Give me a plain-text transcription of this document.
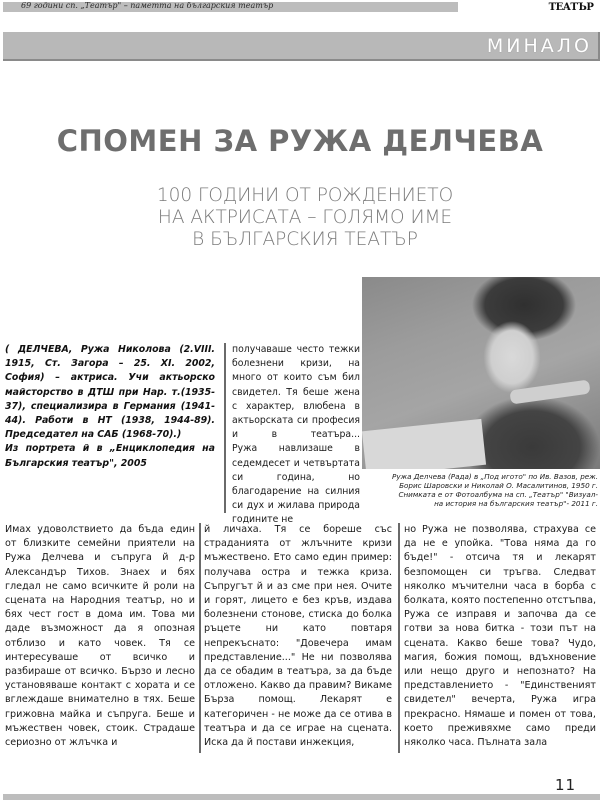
69 години сп. „Театър" – паметта на българския театър	ТЕАТЪР
МИНАЛО
СПОМЕН ЗА РУЖА ДЕЛЧЕВА
100 ГОДИНИ ОТ РОЖДЕНИЕТО
НА АКТРИСАТА – ГОЛЯМО ИМЕ
В БЪЛГАРСКИЯ ТЕАТЪР
Ружа Делчева (Рада) в „Под игото" по Ив. Вазов, реж.
Борис Шаровски и Николай О. Масалитинов, 1950 г.
Снимката е от Фотоалбума на сп. „Театър" "Визуал-
на история на българския театър"- 2011 г.

( ДЕЛЧЕВА, Ружа Николова (2.VIII. 1915, Ст. Загора – 25. XI. 2002, София) – актриса. Учи актьорско майсторство в ДТШ при Нар. т.(1935-37), специализира в Германия (1941-44). Работи в НТ (1938, 1944-89). Председател на САБ (1968-70).)

Из портрета й в „Енциклопедия на Българския театър", 2005

получаваше често тежки болезнени кризи, на много от които съм бил свидетел. Тя беше жена с характер, влюбена в актьорската си професия и в театъра...

Ружа навлизаше в седемдесет и четвъртата си година, но благодарение на силния си дух и жилава природа годините не

Имах удоволствието да бъда един от близките семейни приятели на Ружа Делчева и съпруга й д-р Александър Тихов. Знаех и бях гледал не само всичките й роли на сцената на Народния театър, но и бях чест гост в дома им. Това ми даде възможност да я опозная отблизо и като човек. Тя се интересуваше от всичко и разбираше от всичко. Бързо и лесно установяваше контакт с хората и се вглеждаше внимателно в тях. Беше грижовна майка и съпруга. Беше и мъжествен човек, стоик. Страдаше сериозно от жлъчка и

й личаха. Тя се бореше със страданията от жлъчните кризи мъжествено. Ето само един пример: получава остра и тежка криза. Съпругът й и аз сме при нея. Очите и горят, лицето е без кръв, издава болезнени стонове, стиска до болка ръцете ни като повтаря непрекъснато: "Довечера имам представление..." Не ни позволява да се обадим в театъра, за да бъде отложено. Какво да правим? Викаме Бърза помощ. Лекарят е категоричен - не може да се отива в театъра и да се играе на сцената. Иска да й постави инжекция,

но Ружа не позволява, страхува се да не е упойка. "Това няма да го бъде!" - отсича тя и лекарят безпомощен си тръгва. Следват няколко мъчителни часа в борба с болката, която постепенно отстъпва, Ружа се изправя и започва да се готви за нова битка - този път на сцената. Какво беше това? Чудо, магия, божия помощ, вдъхновение или нещо друго и непознато? На представлението - "Единственият свидетел" вечерта, Ружа игра прекрасно. Нямаше и помен от това, което преживяхме само преди няколко часа. Пълната зала

11
